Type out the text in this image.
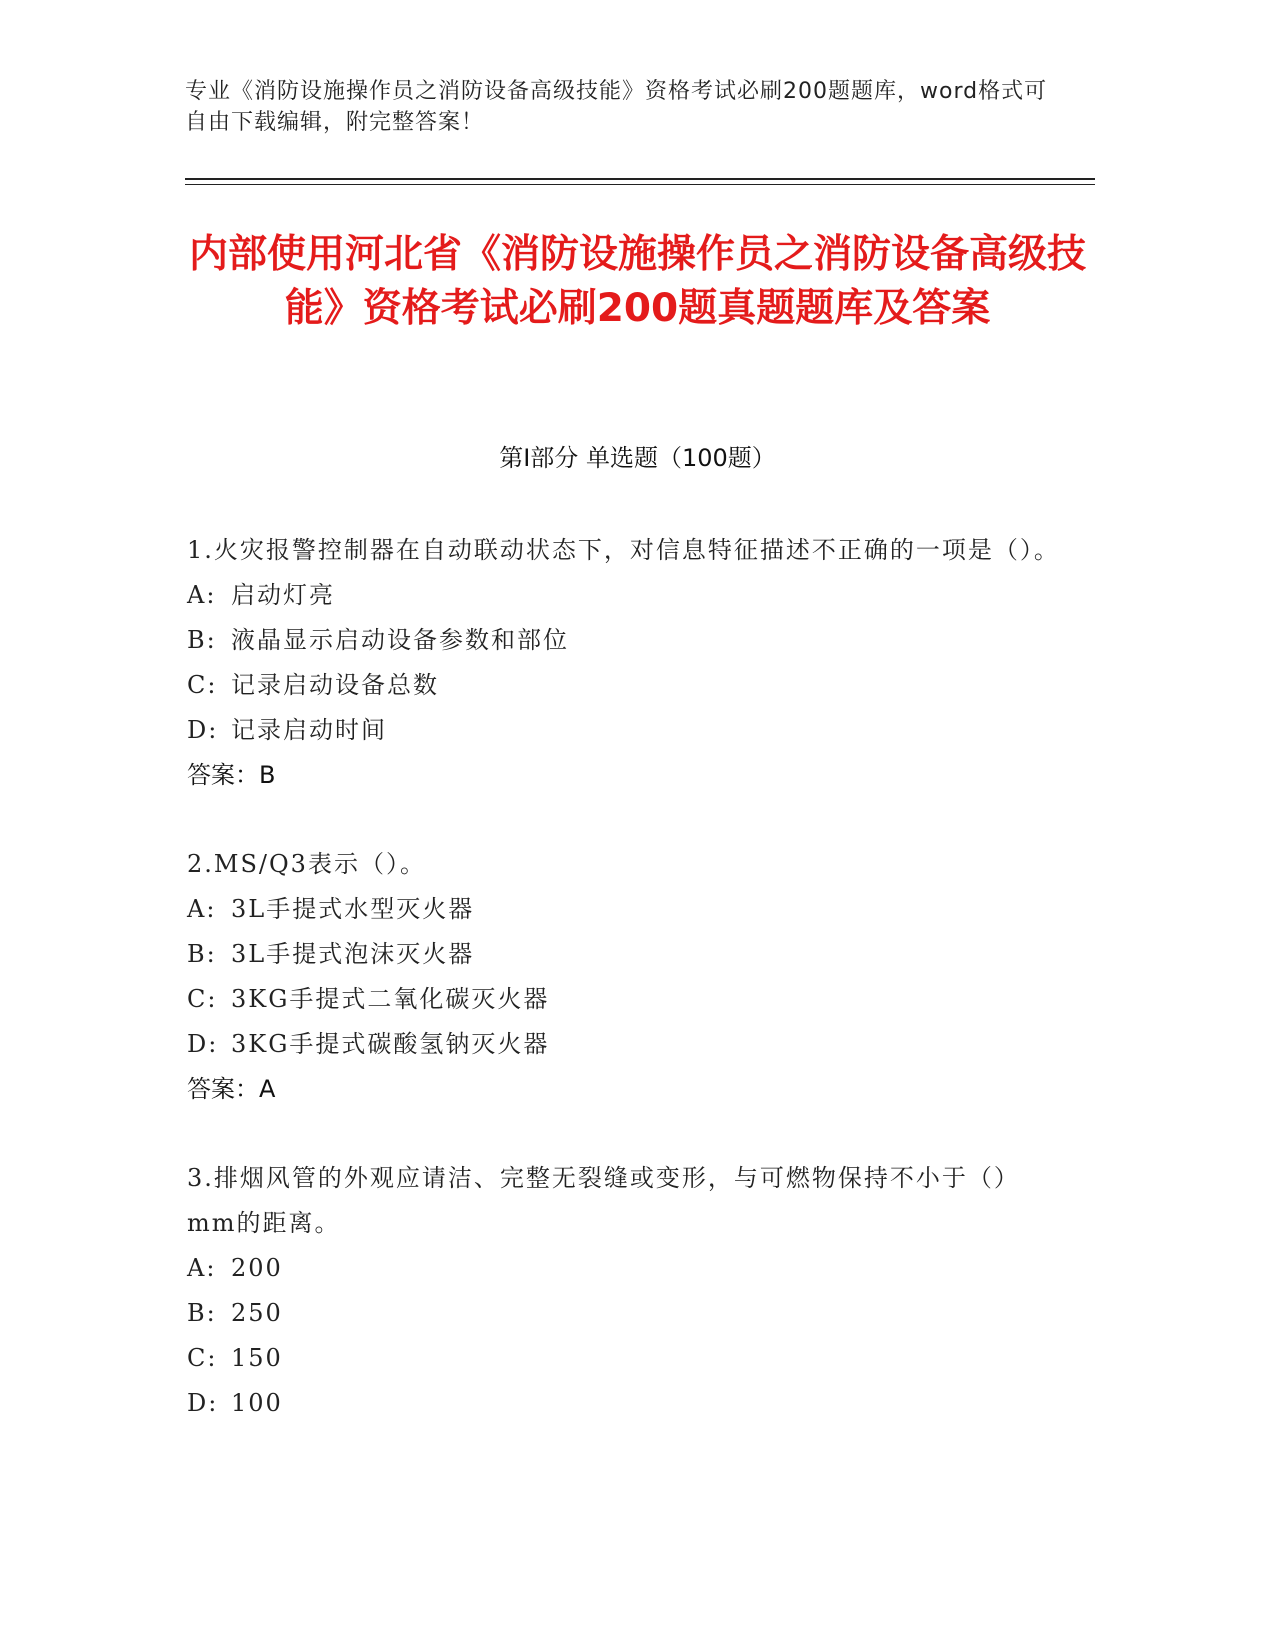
专业《消防设施操作员之消防设备高级技能》资格考试必刷200题题库，word格式可自由下载编辑，附完整答案！
内部使用河北省《消防设施操作员之消防设备高级技能》资格考试必刷200题真题题库及答案
第Ⅰ部分 单选题（100题）
1.火灾报警控制器在自动联动状态下，对信息特征描述不正确的一项是（）。
A: 启动灯亮
B: 液晶显示启动设备参数和部位
C: 记录启动设备总数
D: 记录启动时间
答案：B
2.MS/Q3表示（）。
A: 3L手提式水型灭火器
B: 3L手提式泡沫灭火器
C: 3KG手提式二氧化碳灭火器
D: 3KG手提式碳酸氢钠灭火器
答案：A
3.排烟风管的外观应请洁、完整无裂缝或变形，与可燃物保持不小于（）mm的距离。
A: 200
B: 250
C: 150
D: 100
